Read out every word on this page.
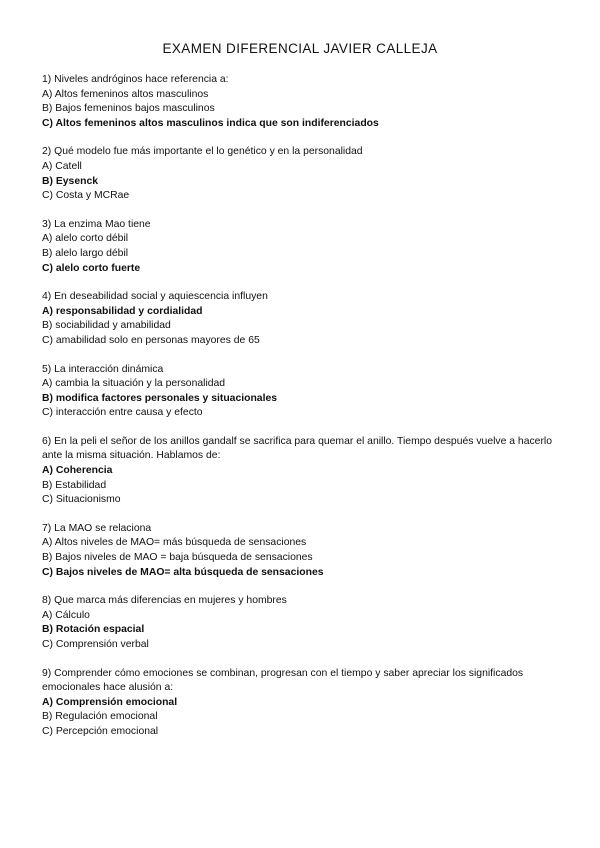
EXAMEN DIFERENCIAL JAVIER CALLEJA
1) Niveles andróginos hace referencia a:
A) Altos femeninos altos masculinos
B) Bajos femeninos bajos masculinos
C) Altos femeninos altos masculinos indica que son indiferenciados
2) Qué modelo fue más importante el lo genético y en la personalidad
A) Catell
B) Eysenck
C) Costa y MCRae
3) La enzima Mao tiene
A) alelo corto débil
B) alelo largo débil
C) alelo corto fuerte
4) En deseabilidad social y aquiescencia influyen
A) responsabilidad y cordialidad
B) sociabilidad y amabilidad
C) amabilidad solo en personas mayores de 65
5) La interacción dinámica
A) cambia la situación y la personalidad
B) modifica factores personales y situacionales
C) interacción entre causa y efecto
6) En la peli el señor de los anillos gandalf se sacrifica para quemar el anillo. Tiempo después vuelve a hacerlo ante la misma situación. Hablamos de:
A) Coherencia
B) Estabilidad
C) Situacionismo
7) La MAO se relaciona
A) Altos niveles de MAO= más búsqueda de sensaciones
B) Bajos niveles de MAO = baja búsqueda de sensaciones
C) Bajos niveles de MAO= alta búsqueda de sensaciones
8) Que marca más diferencias en mujeres y hombres
A) Cálculo
B) Rotación espacial
C) Comprensión verbal
9) Comprender cómo emociones se combinan, progresan con el tiempo y saber apreciar los significados emocionales hace alusión a:
A) Comprensión emocional
B) Regulación emocional
C) Percepción emocional
